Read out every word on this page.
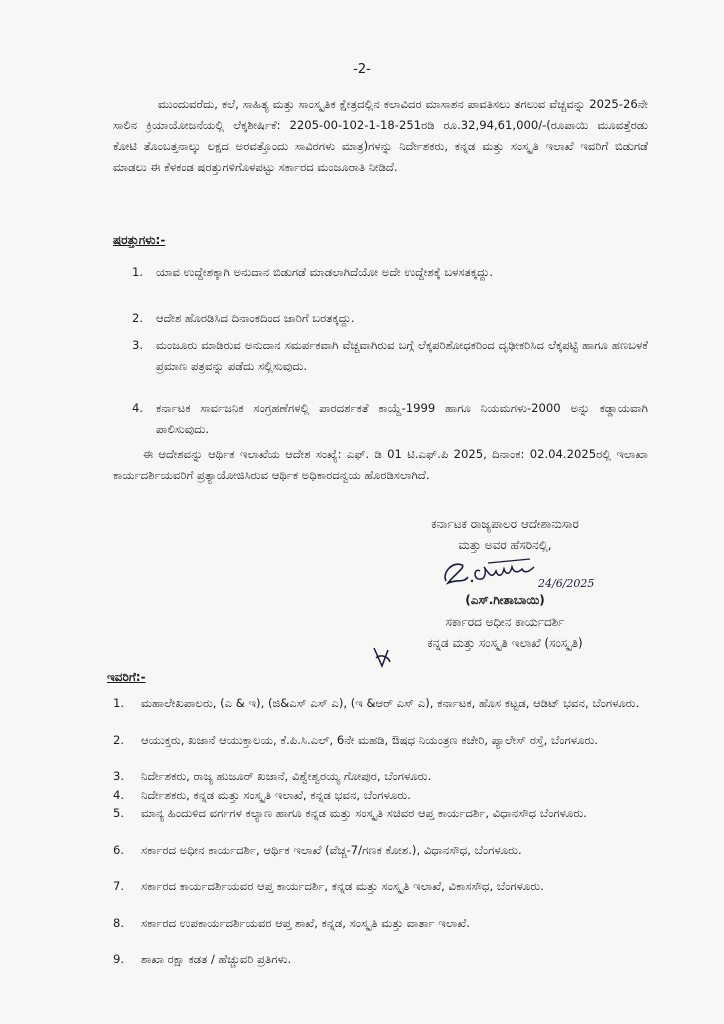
-2-
ಮುಂದುವರೆದು, ಕಲೆ, ಸಾಹಿತ್ಯ ಮತ್ತು ಸಾಂಸ್ಕೃತಿಕ ಕ್ಷೇತ್ರದಲ್ಲಿನ ಕಲಾವಿದರ ಮಾಸಾಶನ ಪಾವತಿಸಲು ತಗಲುವ ವೆಚ್ಚವನ್ನು 2025-26ನೇ ಸಾಲಿನ ಕ್ರಿಯಾಯೋಜನೆಯಲ್ಲಿ ಲೆಕ್ಕಶೀರ್ಷಿಕೆ: 2205-00-102-1-18-251ರಡಿ ರೂ.32,94,61,000/-(ರೂಪಾಯಿ ಮೂವತ್ತೆರಡು ಕೋಟಿ ತೊಂಬತ್ತನಾಲ್ಕು ಲಕ್ಷದ ಅರವತ್ತೊಂದು ಸಾವಿರಗಳು ಮಾತ್ರ)ಗಳನ್ನು ನಿರ್ದೇಶಕರು, ಕನ್ನಡ ಮತ್ತು ಸಂಸ್ಕೃತಿ ಇಲಾಖೆ ಇವರಿಗೆ ಬಿಡುಗಡೆ ಮಾಡಲು ಈ ಕೆಳಕಂಡ ಷರತ್ತುಗಳಿಗೊಳಪಟ್ಟು ಸರ್ಕಾರದ ಮಂಜೂರಾತಿ ನೀಡಿದೆ.
ಷರತ್ತುಗಳು:-
1.	ಯಾವ ಉದ್ದೇಶಕ್ಕಾಗಿ ಅನುದಾನ ಬಿಡುಗಡೆ ಮಾಡಲಾಗಿದೆಯೋ ಅದೇ ಉದ್ದೇಶಕ್ಕೆ ಬಳಸತಕ್ಕದ್ದು.
2.	ಆದೇಶ ಹೊರಡಿಸಿದ ದಿನಾಂಕದಿಂದ ಜಾರಿಗೆ ಬರತಕ್ಕದ್ದು.
3.	ಮಂಜೂರು ಮಾಡಿರುವ ಅನುದಾನ ಸಮರ್ಪಕವಾಗಿ ವೆಚ್ಚವಾಗಿರುವ ಬಗ್ಗೆ ಲೆಕ್ಕಪರಿಶೋಧಕರಿಂದ ದೃಢೀಕರಿಸಿದ ಲೆಕ್ಕಪಟ್ಟಿ ಹಾಗೂ ಹಣಬಳಕೆ ಪ್ರಮಾಣ ಪತ್ರವನ್ನು ಪಡೆದು ಸಲ್ಲಿಸುವುದು.
4.	ಕರ್ನಾಟಕ ಸಾರ್ವಜನಿಕ ಸಂಗ್ರಹಣೆಗಳಲ್ಲಿ ಪಾರದರ್ಶಕತೆ ಕಾಯ್ದೆ-1999 ಹಾಗೂ ನಿಯಮಗಳು-2000 ಅನ್ನು ಕಡ್ಡಾಯವಾಗಿ ಪಾಲಿಸುವುದು.
ಈ ಆದೇಶವನ್ನು ಆರ್ಥಿಕ ಇಲಾಖೆಯ ಆದೇಶ ಸಂಖ್ಯೆ: ಎಫ್. ಡಿ 01 ಟಿ.ಎಫ್.ಪಿ 2025, ದಿನಾಂಕ: 02.04.2025ರಲ್ಲಿ ಇಲಾಖಾ ಕಾರ್ಯದರ್ಶಿಯವರಿಗೆ ಪ್ರತ್ಯಾಯೋಜಿಸಿರುವ ಆರ್ಥಿಕ ಅಧಿಕಾರದನ್ವಯ ಹೊರಡಿಸಲಾಗಿದೆ.
ಕರ್ನಾಟಕ ರಾಜ್ಯಪಾಲರ ಆದೇಶಾನುಸಾರ
ಮತ್ತು ಅವರ ಹೆಸರಿನಲ್ಲಿ,
24/6/2025
(ಎಸ್.ಗೀತಾಬಾಯಿ)
ಸರ್ಕಾರದ ಅಧೀನ ಕಾರ್ಯದರ್ಶಿ
ಕನ್ನಡ ಮತ್ತು ಸಂಸ್ಕೃತಿ ಇಲಾಖೆ (ಸಂಸ್ಕೃತಿ)
ಇವರಿಗೆ:-
1.	ಮಹಾಲೇಖಪಾಲರು, (ಎ & ಇ), (ಜಿ&ಎಸ್ ಎಸ್ ಎ), (ಇ &ಆರ್ ಎಸ್ ಎ), ಕರ್ನಾಟಕ, ಹೊಸ ಕಟ್ಟಡ, ಆಡಿಟ್ ಭವನ, ಬೆಂಗಳೂರು.
2.	ಆಯುಕ್ತರು, ಖಜಾನೆ ಆಯುಕ್ತಾಲಯ, ಕೆ.ಪಿ.ಸಿ.ಎಲ್, 6ನೇ ಮಹಡಿ, ಔಷಧ ನಿಯಂತ್ರಣ ಕಚೇರಿ, ಪ್ಯಾಲೇಸ್ ರಸ್ತೆ, ಬೆಂಗಳೂರು.
3.	ನಿರ್ದೇಶಕರು, ರಾಜ್ಯ ಹುಜೂರ್ ಖಜಾನೆ, ವಿಶ್ವೇಶ್ವರಯ್ಯ ಗೋಪುರ, ಬೆಂಗಳೂರು.
4.	ನಿರ್ದೇಶಕರು, ಕನ್ನಡ ಮತ್ತು ಸಂಸ್ಕೃತಿ ಇಲಾಖೆ, ಕನ್ನಡ ಭವನ, ಬೆಂಗಳೂರು.
5.	ಮಾನ್ಯ ಹಿಂದುಳಿದ ವರ್ಗಗಳ ಕಲ್ಯಾಣ ಹಾಗೂ ಕನ್ನಡ ಮತ್ತು ಸಂಸ್ಕೃತಿ ಸಚಿವರ ಆಪ್ತ ಕಾರ್ಯದರ್ಶಿ, ವಿಧಾನಸೌಧ ಬೆಂಗಳೂರು.
6.	ಸರ್ಕಾರದ ಅಧೀನ ಕಾರ್ಯದರ್ಶಿ, ಆರ್ಥಿಕ ಇಲಾಖೆ (ವೆಚ್ಚ-7/ಗಣಕ ಕೋಶ.), ವಿಧಾನಸೌಧ, ಬೆಂಗಳೂರು.
7.	ಸರ್ಕಾರದ ಕಾರ್ಯದರ್ಶಿಯವರ ಆಪ್ತ ಕಾರ್ಯದರ್ಶಿ, ಕನ್ನಡ ಮತ್ತು ಸಂಸ್ಕೃತಿ ಇಲಾಖೆ, ವಿಕಾಸಸೌಧ, ಬೆಂಗಳೂರು.
8.	ಸರ್ಕಾರದ ಉಪಕಾರ್ಯದರ್ಶಿಯವರ ಆಪ್ತ ಶಾಖೆ, ಕನ್ನಡ, ಸಂಸ್ಕೃತಿ ಮತ್ತು ವಾರ್ತಾ ಇಲಾಖೆ.
9.	ಶಾಖಾ ರಕ್ಷಾ ಕಡತ / ಹೆಚ್ಚುವರಿ ಪ್ರತಿಗಳು.
